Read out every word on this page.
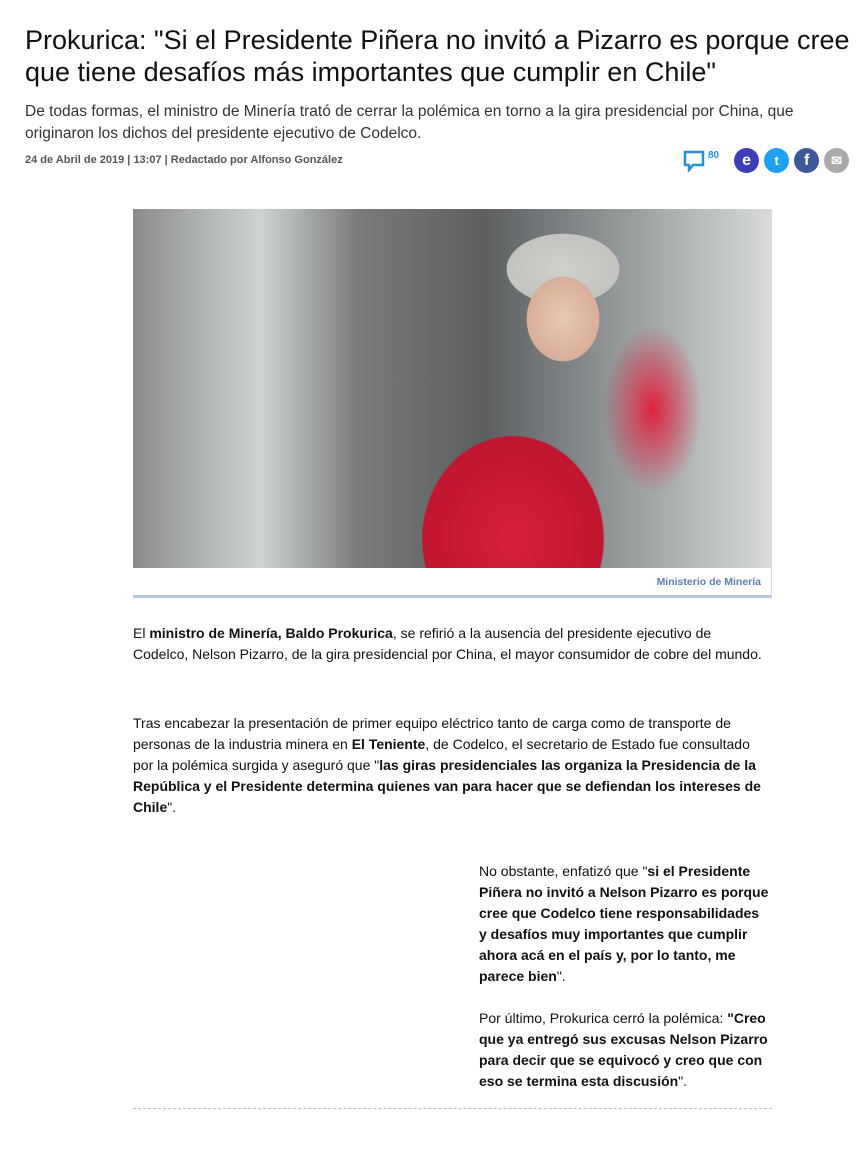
Prokurica: "Si el Presidente Piñera no invitó a Pizarro es porque cree que tiene desafíos más importantes que cumplir en Chile"

De todas formas, el ministro de Minería trató de cerrar la polémica en torno a la gira presidencial por China, que originaron los dichos del presidente ejecutivo de Codelco.

24 de Abril de 2019 | 13:07 | Redactado por Alfonso González	80	e	t	f	✉
Ministerio de Minería

El ministro de Minería, Baldo Prokurica, se refirió a la ausencia del presidente ejecutivo de Codelco, Nelson Pizarro, de la gira presidencial por China, el mayor consumidor de cobre del mundo.

Tras encabezar la presentación de primer equipo eléctrico tanto de carga como de transporte de personas de la industria minera en El Teniente, de Codelco, el secretario de Estado fue consultado por la polémica surgida y aseguró que "las giras presidenciales las organiza la Presidencia de la República y el Presidente determina quienes van para hacer que se defiendan los intereses de Chile".

No obstante, enfatizó que "si el Presidente Piñera no invitó a Nelson Pizarro es porque cree que Codelco tiene responsabilidades y desafíos muy importantes que cumplir ahora acá en el país y, por lo tanto, me parece bien".

Por último, Prokurica cerró la polémica: "Creo que ya entregó sus excusas Nelson Pizarro para decir que se equivocó y creo que con eso se termina esta discusión".
